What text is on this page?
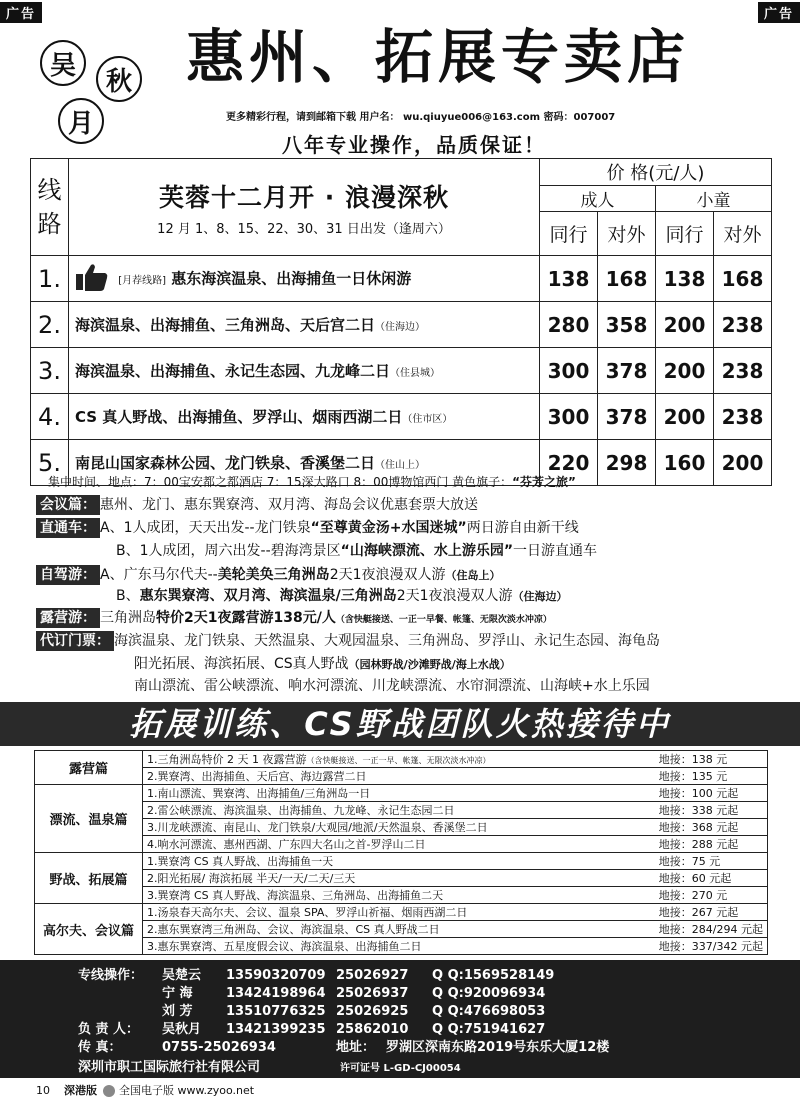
广告	广告
吴
秋
月
惠州、拓展专卖店
更多精彩行程，请到邮箱下载 用户名： wu.qiuyue006@163.com 密码：007007
八年专业操作，品质保证！
线 路	芙蓉十二月开 · 浪漫深秋
12 月 1、8、15、22、30、31 日出发（逢周六）	价 格(元/人)			
		成人		小童	
		同行	对外	同行	对外
1.	[月荐线路] 惠东海滨温泉、出海捕鱼一日休闲游	138	168	138	168
2.	海滨温泉、出海捕鱼、三角洲岛、天后宫二日（住海边）	280	358	200	238
3.	海滨温泉、出海捕鱼、永记生态园、九龙峰二日（住县城）	300	378	200	238
4.	CS 真人野战、出海捕鱼、罗浮山、烟雨西湖二日（住市区）	300	378	200	238
5.	南昆山国家森林公园、龙门铁泉、香溪堡二日（住山上）	220	298	160	200
集中时间、地点：7：00宝安都之都酒店 7：15深大路口 8：00博物馆西门 黄色旗子：“芬芳之旅”
会议篇： 惠州、龙门、惠东巽寮湾、双月湾、海岛会议优惠套票大放送
直通车： A、1人成团，天天出发--龙门铁泉“至尊黄金汤+水国迷城”两日游自由新干线
B、1人成团，周六出发--碧海湾景区“山海峡漂流、水上游乐园”一日游直通车
自驾游： A、广东马尔代夫--美轮美奂三角洲岛2天1夜浪漫双人游（住岛上）
B、惠东巽寮湾、双月湾、海滨温泉/三角洲岛2天1夜浪漫双人游（住海边）
露营游： 三角洲岛特价2天1夜露营游138元/人（含快艇接送、一正一早餐、帐篷、无限次淡水冲凉）
代订门票： 海滨温泉、龙门铁泉、天然温泉、大观园温泉、三角洲岛、罗浮山、永记生态园、海龟岛
阳光拓展、海滨拓展、CS真人野战（园林野战/沙滩野战/海上水战）
南山漂流、雷公峡漂流、响水河漂流、川龙峡漂流、水帘洞漂流、山海峡+水上乐园
拓展训练、CS野战团队火热接待中
露营篇	1.三角洲岛特价 2 天 1 夜露营游（含快艇接送、一正一早、帐篷、无限次淡水冲凉）	地接：138 元
	2.巽寮湾、出海捕鱼、天后宫、海边露营二日	地接：135 元
漂流、温泉篇	1.南山漂流、巽寮湾、出海捕鱼/三角洲岛一日	地接：100 元起
	2.雷公峡漂流、海滨温泉、出海捕鱼、九龙峰、永记生态园二日	地接：338 元起
	3.川龙峡漂流、南昆山、龙门铁泉/大观园/地派/天然温泉、香溪堡二日	地接：368 元起
	4.响水河漂流、惠州西湖、广东四大名山之首-罗浮山二日	地接：288 元起
野战、拓展篇	1.巽寮湾 CS 真人野战、出海捕鱼一天	地接：75 元
	2.阳光拓展/ 海滨拓展 半天/一天/二天/三天	地接：60 元起
	3.巽寮湾 CS 真人野战、海滨温泉、三角洲岛、出海捕鱼二天	地接：270 元
高尔夫、会议篇	1.汤泉春天高尔夫、会议、温泉 SPA、罗浮山祈福、烟雨西湖二日	地接：267 元起
	2.惠东巽寮湾三角洲岛、会议、海滨温泉、CS 真人野战二日	地接：284/294 元起
	3.惠东巽寮湾、五星度假会议、海滨温泉、出海捕鱼二日	地接：337/342 元起
专线操作： 吴楚云 13590320709 25026927 Q Q:1569528149
宁 海	13424198964 25026937 Q Q:920096934
刘 芳	13510776325 25026925 Q Q:476698053
负 责 人： 吴秋月 13421399235 25862010 Q Q:751941627
传 真：	0755-25026934	地址： 罗湖区深南东路2019号东乐大厦12楼
深圳市职工国际旅行社有限公司	许可证号 L-GD-CJ00054
10 深港版 全国电子版 www.zyoo.net
